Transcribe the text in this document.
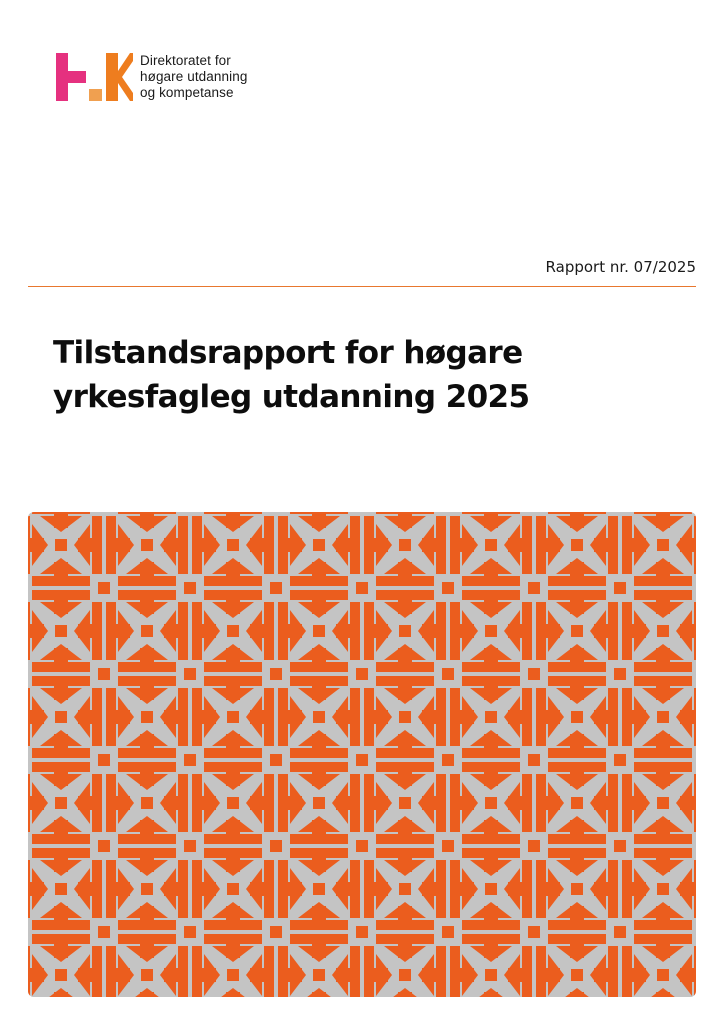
Direktoratet for
høgare utdanning
og kompetanse
Rapport nr. 07/2025
Tilstandsrapport for høgare
yrkesfagleg utdanning 2025
